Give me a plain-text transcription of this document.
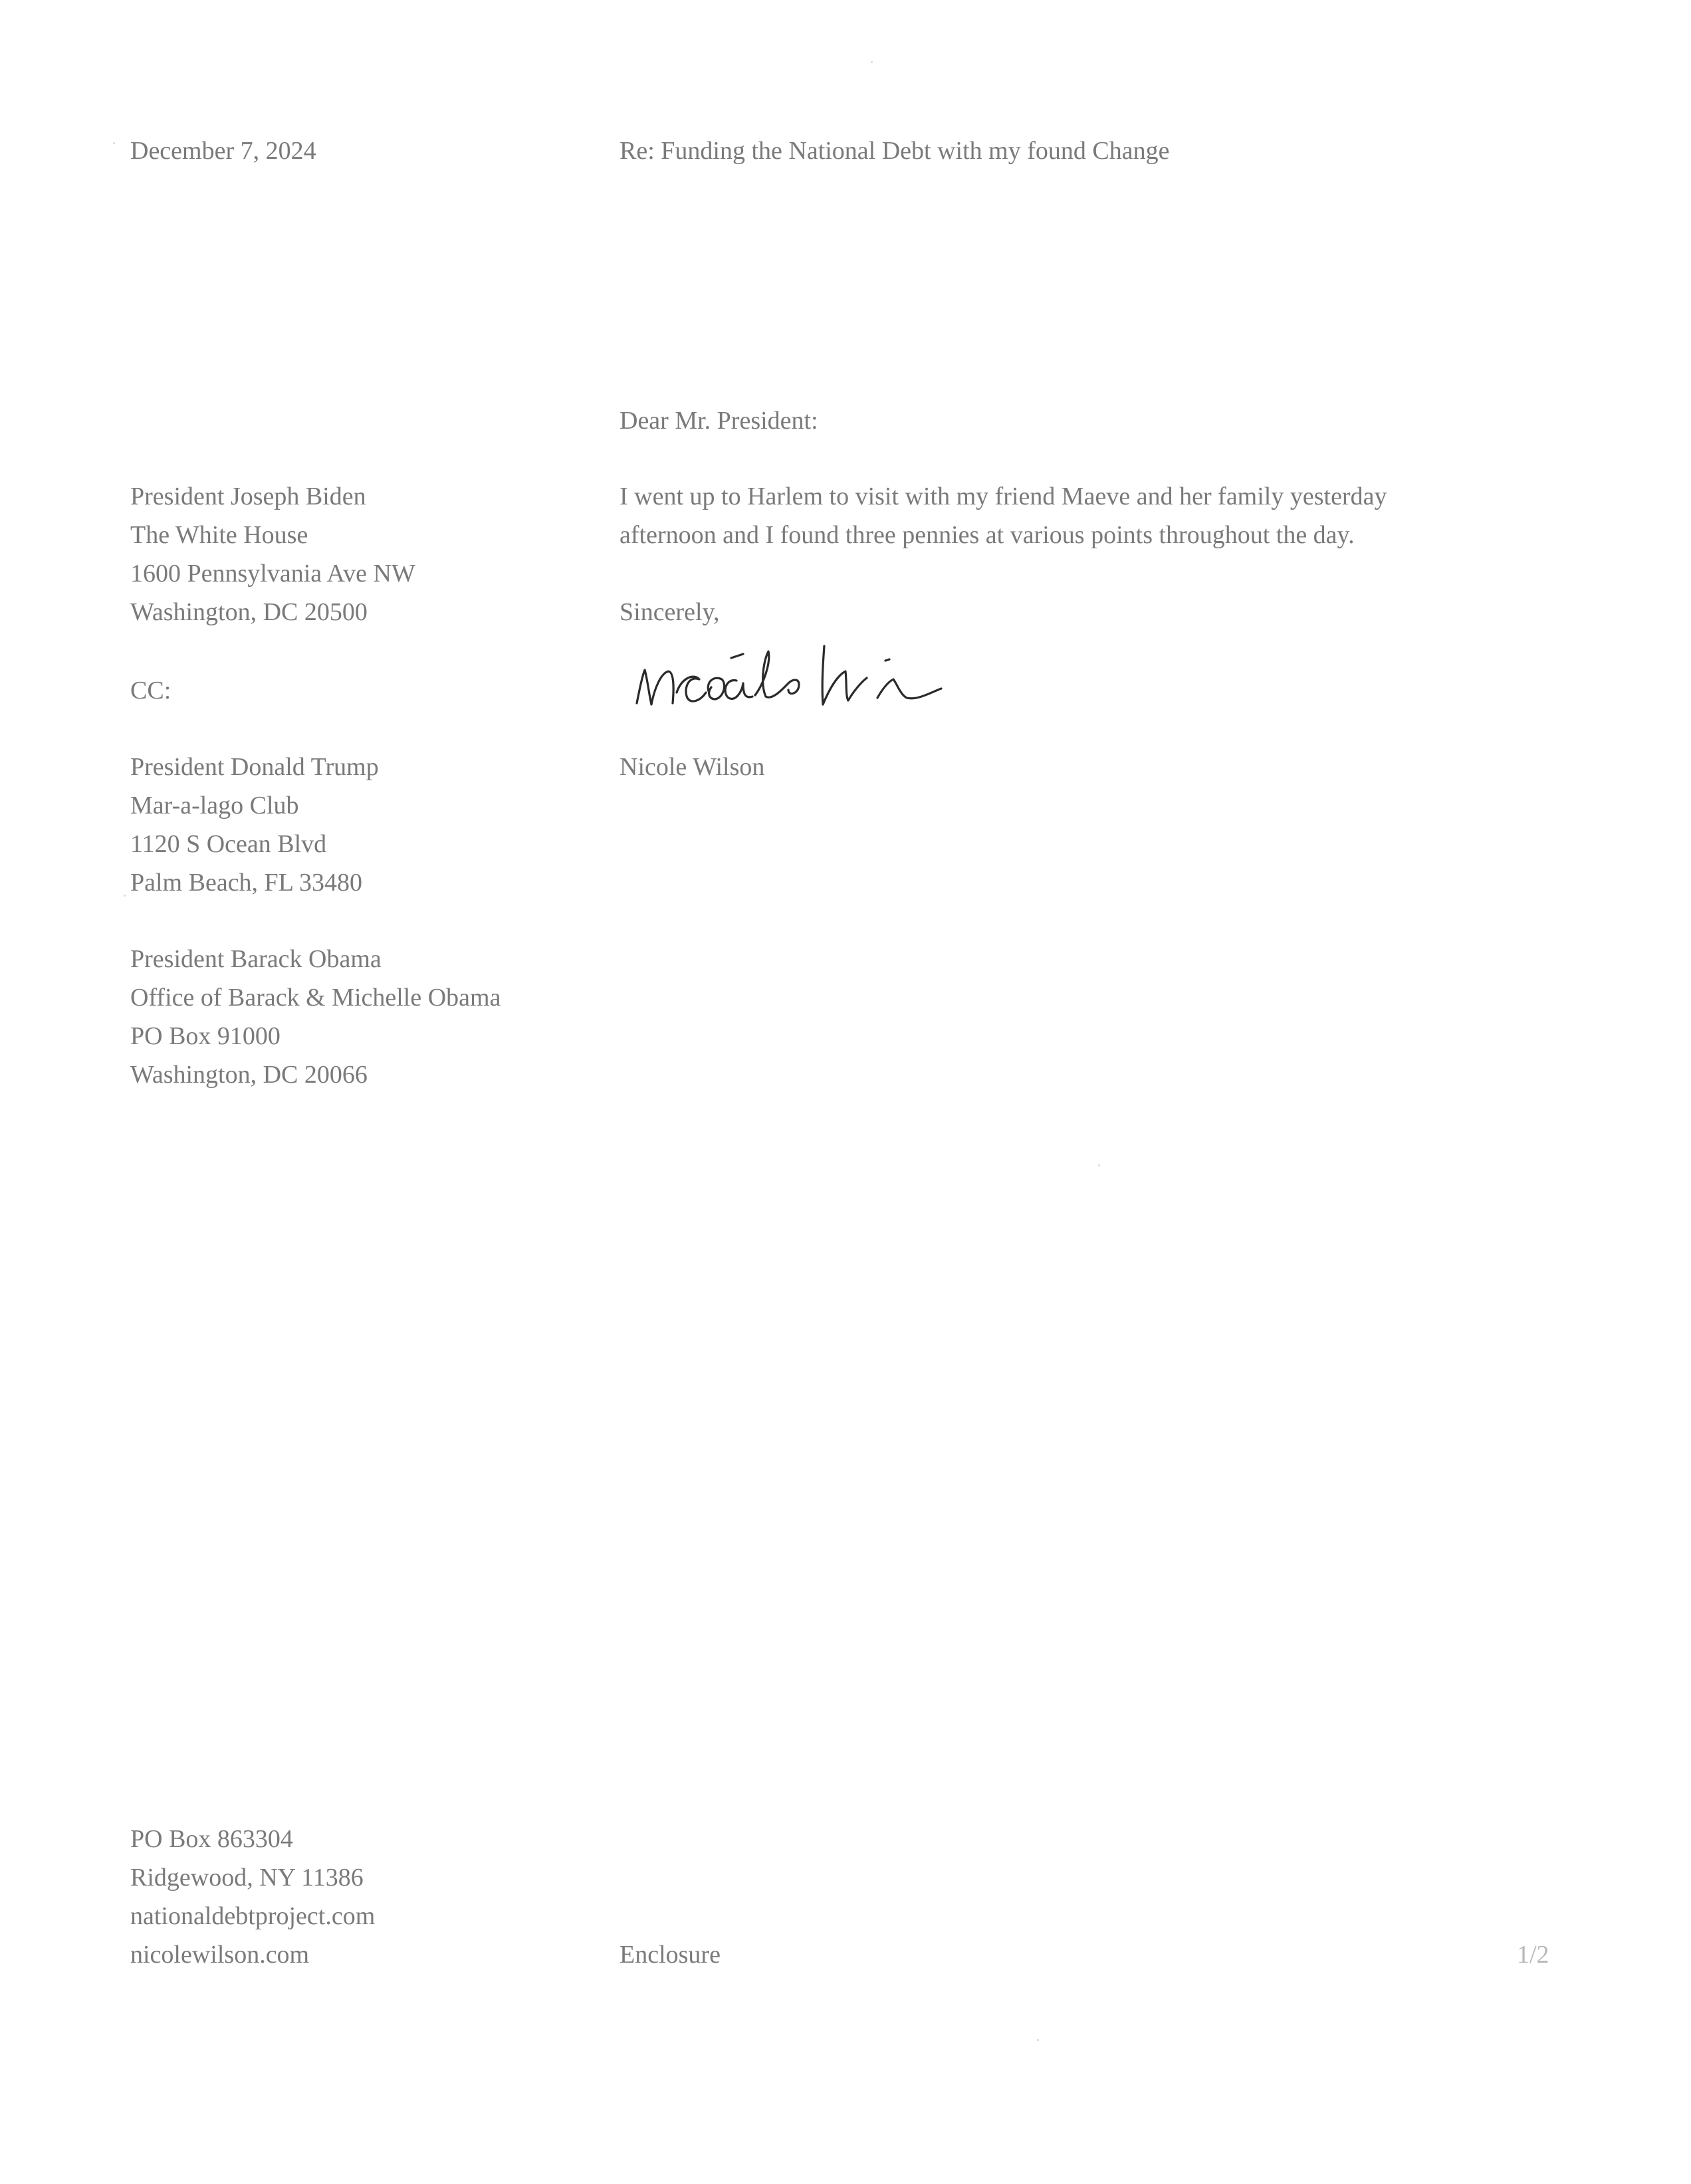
December 7, 2024	Re: Funding the National Debt with my found Change
President Joseph Biden
The White House
1600 Pennsylvania Ave NW
Washington, DC 20500
CC:
President Donald Trump
Mar-a-lago Club
1120 S Ocean Blvd
Palm Beach, FL 33480
President Barack Obama
Office of Barack & Michelle Obama
PO Box 91000
Washington, DC 20066
Dear Mr. President:
I went up to Harlem to visit with my friend Maeve and her family yesterday
afternoon and I found three pennies at various points throughout the day.
Sincerely,
Nicole Wilson
PO Box 863304
Ridgewood, NY 11386
nationaldebtproject.com
nicolewilson.com	Enclosure	1/2
